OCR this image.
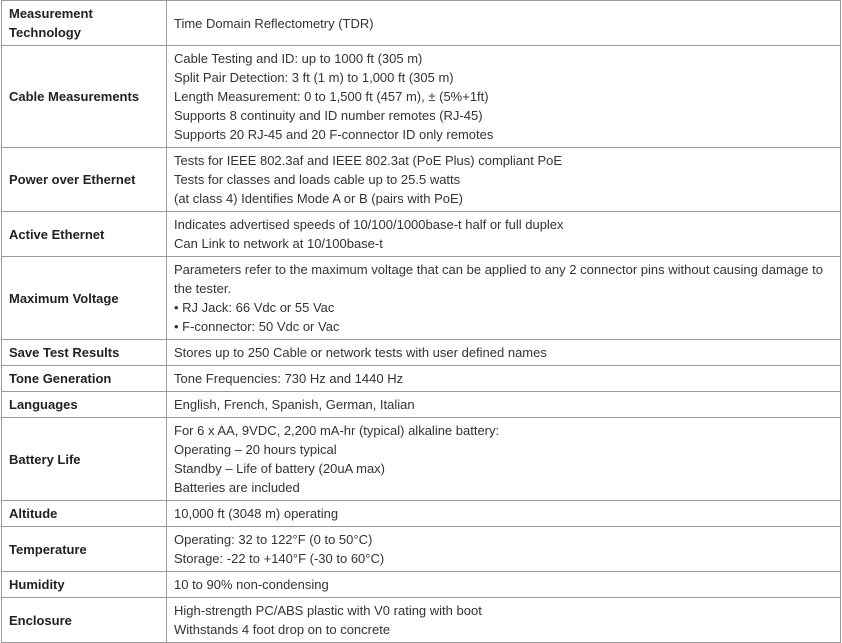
Measurement Technology	Time Domain Reflectometry (TDR)

Cable Measurements	Cable Testing and ID: up to 1000 ft (305 m)
Split Pair Detection: 3 ft (1 m) to 1,000 ft (305 m)
Length Measurement: 0 to 1,500 ft (457 m), ± (5%+1ft)
Supports 8 continuity and ID number remotes (RJ-45)
Supports 20 RJ-45 and 20 F-connector ID only remotes

Power over Ethernet	Tests for IEEE 802.3af and IEEE 802.3at (PoE Plus) compliant PoE
Tests for classes and loads cable up to 25.5 watts
(at class 4) Identifies Mode A or B (pairs with PoE)

Active Ethernet	Indicates advertised speeds of 10/100/1000base-t half or full duplex
Can Link to network at 10/100base-t

Maximum Voltage	Parameters refer to the maximum voltage that can be applied to any 2 connector pins without causing damage to the tester.
• RJ Jack: 66 Vdc or 55 Vac
• F-connector: 50 Vdc or Vac

Save Test Results	Stores up to 250 Cable or network tests with user defined names

Tone Generation	Tone Frequencies: 730 Hz and 1440 Hz

Languages	English, French, Spanish, German, Italian

Battery Life	For 6 x AA, 9VDC, 2,200 mA-hr (typical) alkaline battery:
Operating – 20 hours typical
Standby – Life of battery (20uA max)
Batteries are included

Altitude	10,000 ft (3048 m) operating

Temperature	Operating: 32 to 122°F (0 to 50°C)
Storage: -22 to +140°F (-30 to 60°C)

Humidity	10 to 90% non-condensing

Enclosure	High-strength PC/ABS plastic with V0 rating with boot
Withstands 4 foot drop on to concrete
